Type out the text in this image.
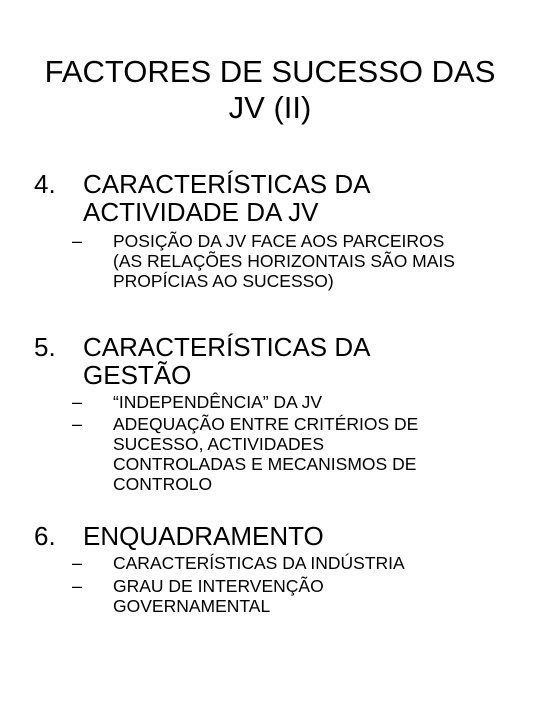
FACTORES DE SUCESSO DAS
JV (II)
4. CARACTERÍSTICAS DA
ACTIVIDADE DA JV
– POSIÇÃO DA JV FACE AOS PARCEIROS
(AS RELAÇÕES HORIZONTAIS SÃO MAIS
PROPÍCIAS AO SUCESSO)
5. CARACTERÍSTICAS DA
GESTÃO
– “INDEPENDÊNCIA” DA JV
– ADEQUAÇÃO ENTRE CRITÉRIOS DE
SUCESSO, ACTIVIDADES
CONTROLADAS E MECANISMOS DE
CONTROLO
6. ENQUADRAMENTO
– CARACTERÍSTICAS DA INDÚSTRIA
– GRAU DE INTERVENÇÃO
GOVERNAMENTAL
